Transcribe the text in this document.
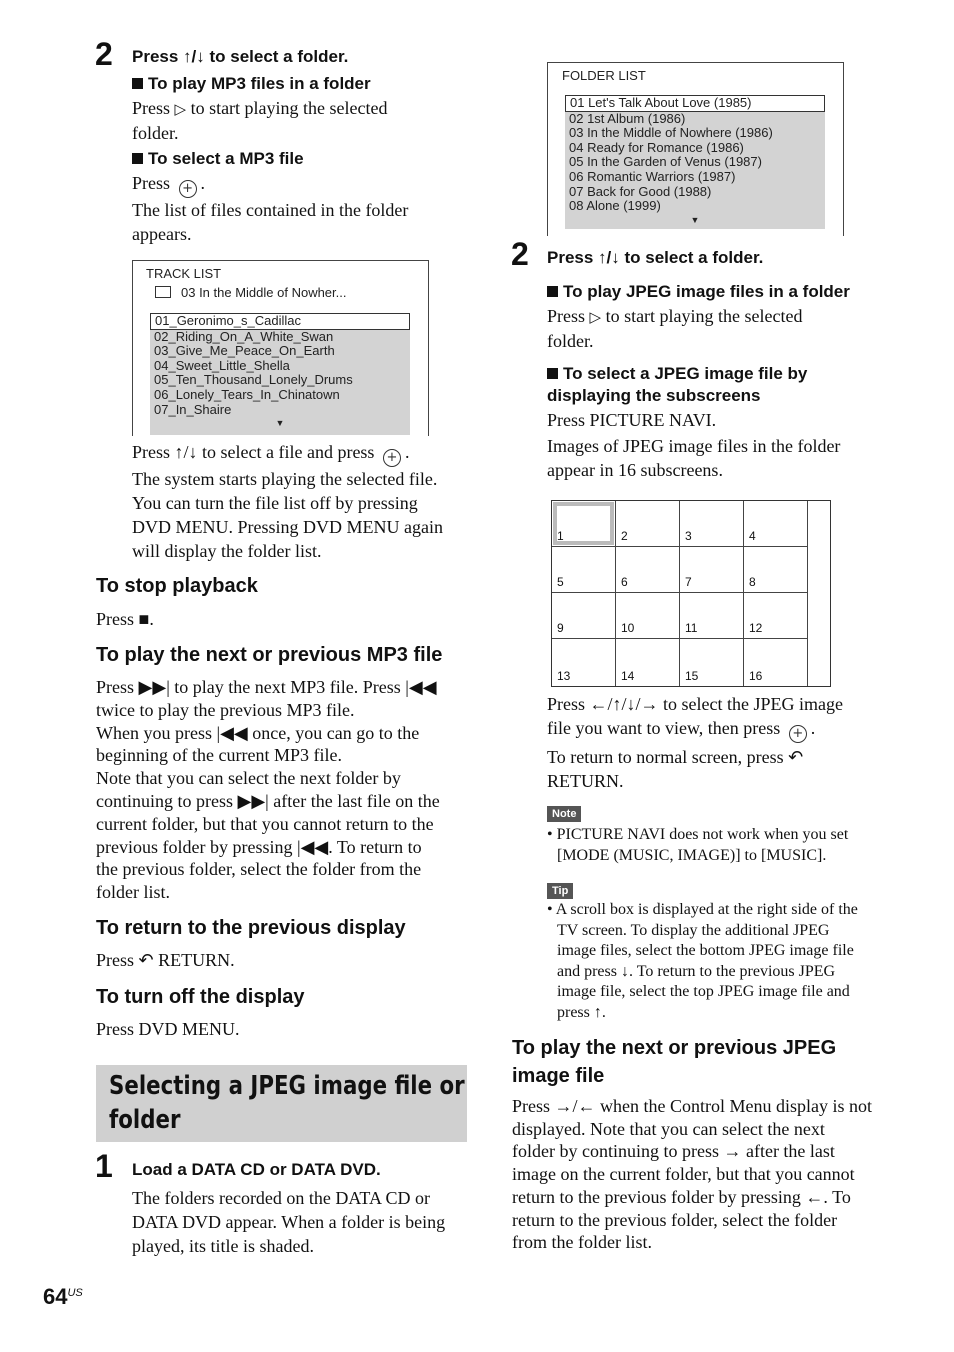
2 Press ↑/↓ to select a folder.
To play MP3 files in a folder
Press ▷ to start playing the selected
folder.
To select a MP3 file
Press + .
The list of files contained in the folder
appears.
TRACK LIST
03 In the Middle of Nowher...
01_Geronimo_s_Cadillac
02_Riding_On_A_White_Swan
03_Give_Me_Peace_On_Earth
04_Sweet_Little_Shella
05_Ten_Thousand_Lonely_Drums
06_Lonely_Tears_In_Chinatown
07_In_Shaire
▼
Press ↑/↓ to select a file and press + .
The system starts playing the selected file.
You can turn the file list off by pressing
DVD MENU. Pressing DVD MENU again
will display the folder list.
To stop playback
Press ■.
To play the next or previous MP3 file
Press ▶▶| to play the next MP3 file. Press |◀◀
twice to play the previous MP3 file.
When you press |◀◀ once, you can go to the
beginning of the current MP3 file.
Note that you can select the next folder by
continuing to press ▶▶| after the last file on the
current folder, but that you cannot return to the
previous folder by pressing |◀◀. To return to
the previous folder, select the folder from the
folder list.
To return to the previous display
Press ↶ RETURN.
To turn off the display
Press DVD MENU.
Selecting a JPEG image file or
folder
1 Load a DATA CD or DATA DVD.
The folders recorded on the DATA CD or
DATA DVD appear. When a folder is being
played, its title is shaded.
$64^{US}$
FOLDER LIST
01 Let's Talk About Love (1985)
02 1st Album (1986)
03 In the Middle of Nowhere (1986)
04 Ready for Romance (1986)
05 In the Garden of Venus (1987)
06 Romantic Warriors (1987)
07 Back for Good (1988)
08 Alone (1999)
▼
2 Press ↑/↓ to select a folder.
To play JPEG image files in a folder
Press ▷ to start playing the selected
folder.
To select a JPEG image file by
displaying the subscreens
Press PICTURE NAVI.
Images of JPEG image files in the folder
appear in 16 subscreens.
1	2	3	4
5	6	7	8
9	10	11	12
13	14	15	16
Press ←/↑/↓/→ to select the JPEG image
file you want to view, then press + .
To return to normal screen, press ↶
RETURN.
Note
• PICTURE NAVI does not work when you set
[MODE (MUSIC, IMAGE)] to [MUSIC].
Tip
• A scroll box is displayed at the right side of the
TV screen. To display the additional JPEG
image files, select the bottom JPEG image file
and press ↓. To return to the previous JPEG
image file, select the top JPEG image file and
press ↑.
To play the next or previous JPEG
image file
Press →/← when the Control Menu display is not
displayed. Note that you can select the next
folder by continuing to press → after the last
image on the current folder, but that you cannot
return to the previous folder by pressing ←. To
return to the previous folder, select the folder
from the folder list.
